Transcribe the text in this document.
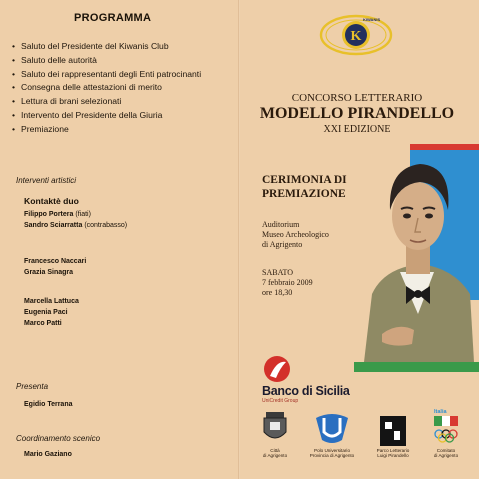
PROGRAMMA
• Saluto del Presidente del Kiwanis Club
• Saluto delle autorità
• Saluto dei rappresentanti degli Enti patrocinanti
• Consegna delle attestazioni di merito
• Lettura di brani selezionati
• Intervento del Presidente della Giuria
• Premiazione
Interventi artistici
Kontaktè duo
Filippo Portera (fiati)
Sandro Sciarratta (contrabasso)
Francesco Naccari
Grazia Sinagra
Marcella Lattuca
Eugenia Paci
Marco Patti
Presenta
Egidio Terrana
Coordinamento scenico
Mario Gaziano
K
KIWANIS
CONCORSO LETTERARIO
MODELLO PIRANDELLO
XXI EDIZIONE
CERIMONIA DI
PREMIAZIONE
Auditorium
Museo Archeologico
di Agrigento
SABATO
7 febbraio 2009
ore 18,30
Banco di Sicilia
UniCredit Group
Città
di Agrigento
Polo Universitario
Provincia di Agrigento
Parco Letterario
Luigi Pirandello
Italia
Comitato
di Agrigento
